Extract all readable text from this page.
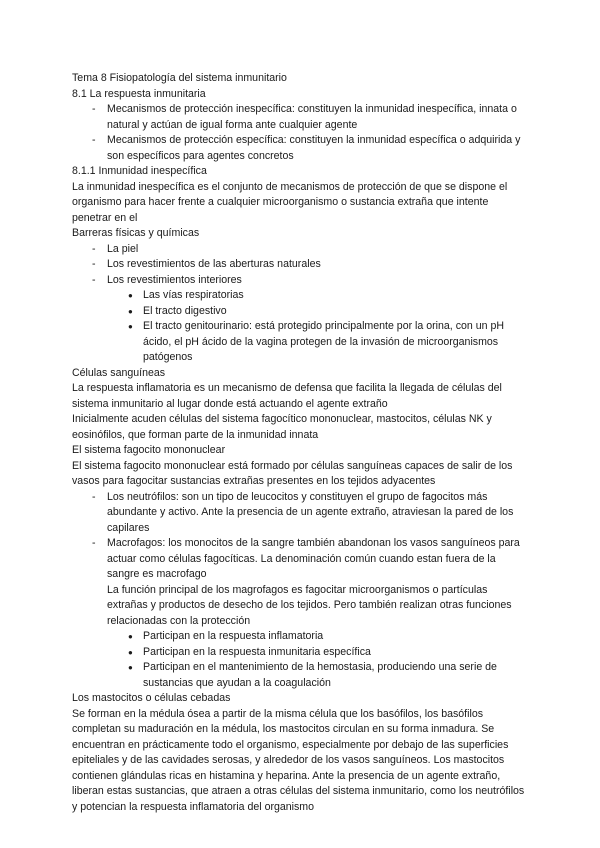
Tema 8 Fisiopatología del sistema inmunitario

8.1 La respuesta inmunitaria

- Mecanismos de protección inespecífica: constituyen la inmunidad inespecífica, innata o natural y actúan de igual forma ante cualquier agente
- Mecanismos de protección específica: constituyen la inmunidad específica o adquirida y son específicos para agentes concretos

8.1.1 Inmunidad inespecífica

La inmunidad inespecífica es el conjunto de mecanismos de protección de que se dispone el organismo para hacer frente a cualquier microorganismo o sustancia extraña que intente penetrar en el

Barreras físicas y químicas

- La piel
- Los revestimientos de las aberturas naturales
- Los revestimientos interiores
● Las vías respiratorias
● El tracto digestivo
● El tracto genitourinario: está protegido principalmente por la orina, con un pH ácido, el pH ácido de la vagina protegen de la invasión de microorganismos patógenos

Células sanguíneas

La respuesta inflamatoria es un mecanismo de defensa que facilita la llegada de células del sistema inmunitario al lugar donde está actuando el agente extraño

Inicialmente acuden células del sistema fagocítico mononuclear, mastocitos, células NK y eosinófilos, que forman parte de la inmunidad innata

El sistema fagocito mononuclear

El sistema fagocito mononuclear está formado por células sanguíneas capaces de salir de los vasos para fagocitar sustancias extrañas presentes en los tejidos adyacentes

- Los neutrófilos: son un tipo de leucocitos y constituyen el grupo de fagocitos más abundante y activo. Ante la presencia de un agente extraño, atraviesan la pared de los capilares

- Macrofagos: los monocitos de la sangre también abandonan los vasos sanguíneos para actuar como células fagocíticas. La denominación común cuando estan fuera de la sangre es macrofago

La función principal de los magrofagos es fagocitar microorganismos o partículas extrañas y productos de desecho de los tejidos. Pero también realizan otras funciones relacionadas con la protección

● Participan en la respuesta inflamatoria
● Participan en la respuesta inmunitaria específica
● Participan en el mantenimiento de la hemostasia, produciendo una serie de sustancias que ayudan a la coagulación

Los mastocitos o células cebadas

Se forman en la médula ósea a partir de la misma célula que los basófilos, los basófilos completan su maduración en la médula, los mastocitos circulan en su forma inmadura. Se encuentran en prácticamente todo el organismo, especialmente por debajo de las superficies epiteliales y de las cavidades serosas, y alrededor de los vasos sanguíneos. Los mastocitos contienen glándulas ricas en histamina y heparina. Ante la presencia de un agente extraño, liberan estas sustancias, que atraen a otras células del sistema inmunitario, como los neutrófilos y potencian la respuesta inflamatoria del organismo
